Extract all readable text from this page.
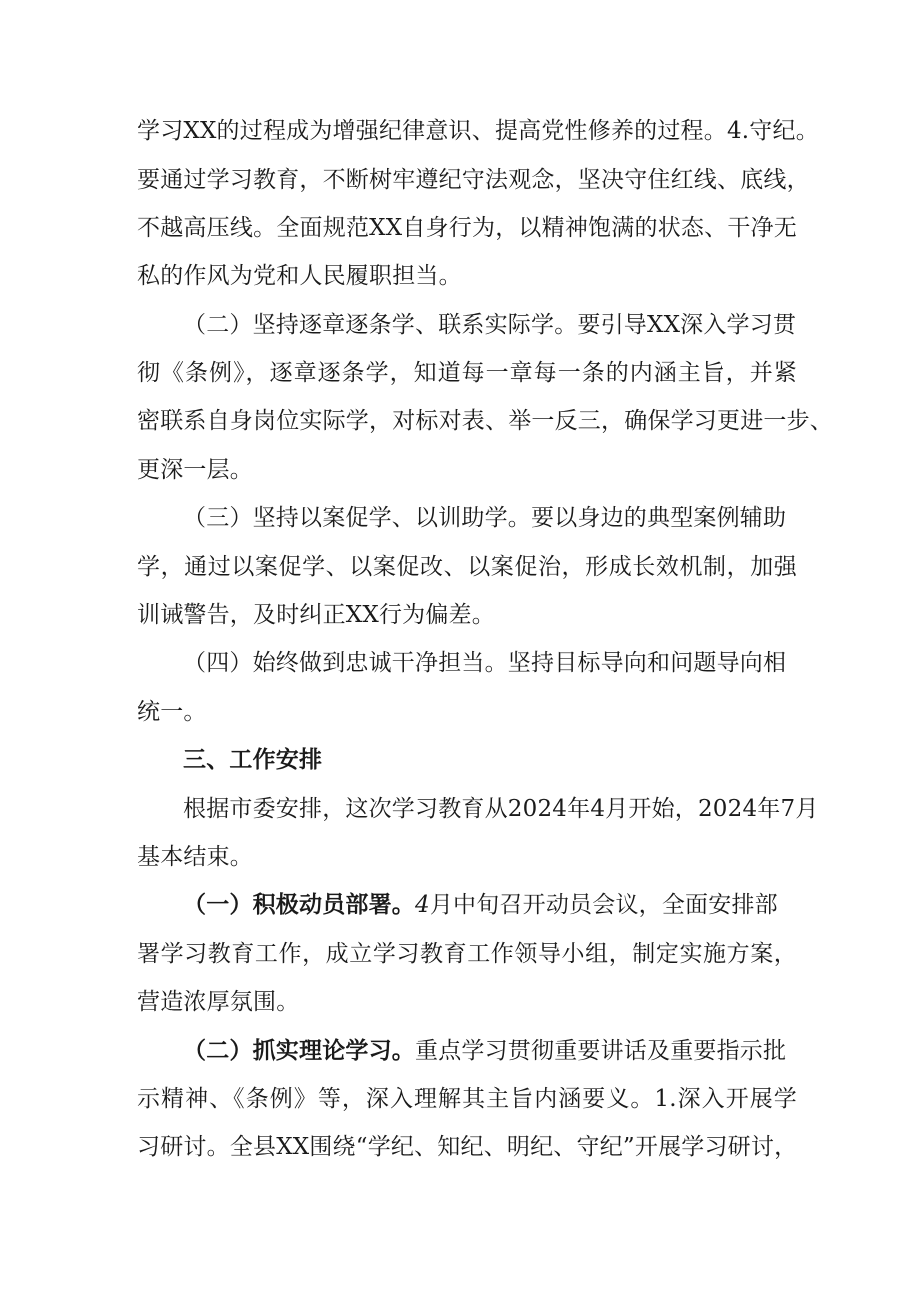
学习XX的过程成为增强纪律意识、提高党性修养的过程。4.守纪。
要通过学习教育，不断树牢遵纪守法观念，坚决守住红线、底线，
不越高压线。全面规范XX自身行为，以精神饱满的状态、干净无
私的作风为党和人民履职担当。
（二）坚持逐章逐条学、联系实际学。要引导XX深入学习贯
彻《条例》，逐章逐条学，知道每一章每一条的内涵主旨，并紧
密联系自身岗位实际学，对标对表、举一反三，确保学习更进一步、
更深一层。
（三）坚持以案促学、以训助学。要以身边的典型案例辅助
学，通过以案促学、以案促改、以案促治，形成长效机制，加强
训诫警告，及时纠正XX行为偏差。
（四）始终做到忠诚干净担当。坚持目标导向和问题导向相
统一。
三、工作安排
根据市委安排，这次学习教育从2024年4月开始，2024年7月
基本结束。
（一）积极动员部署。4月中旬召开动员会议，全面安排部
署学习教育工作，成立学习教育工作领导小组，制定实施方案，
营造浓厚氛围。
（二）抓实理论学习。重点学习贯彻重要讲话及重要指示批
示精神、《条例》等，深入理解其主旨内涵要义。1.深入开展学
习研讨。全县XX围绕“学纪、知纪、明纪、守纪”开展学习研讨，
